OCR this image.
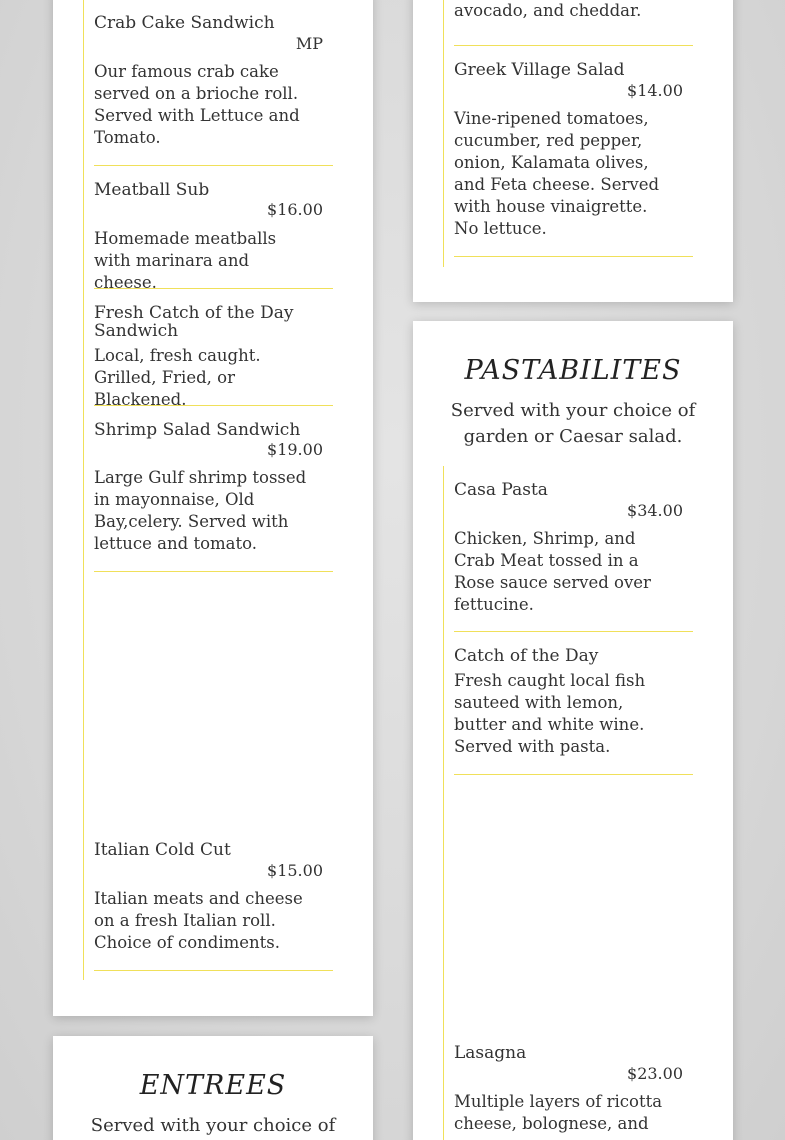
Crab Cake Sandwich
MP
Our famous crab cake served on a brioche roll. Served with Lettuce and Tomato.
Meatball Sub
$16.00
Homemade meatballs with marinara and cheese.
Fresh Catch of the Day Sandwich
Local, fresh caught. Grilled, Fried, or Blackened.
Shrimp Salad Sandwich
$19.00
Large Gulf shrimp tossed in mayonnaise, Old Bay,celery. Served with lettuce and tomato.
Italian Cold Cut
$15.00
Italian meats and cheese on a fresh Italian roll. Choice of condiments.
ENTREES
Served with your choice of
avocado, and cheddar.
Greek Village Salad
$14.00
Vine-ripened tomatoes, cucumber, red pepper, onion, Kalamata olives, and Feta cheese. Served with house vinaigrette. No lettuce.
PASTABILITES
Served with your choice of garden or Caesar salad.
Casa Pasta
$34.00
Chicken, Shrimp, and Crab Meat tossed in a Rose sauce served over fettucine.
Catch of the Day
Fresh caught local fish sauteed with lemon, butter and white wine. Served with pasta.
Lasagna
$23.00
Multiple layers of ricotta cheese, bolognese, and
